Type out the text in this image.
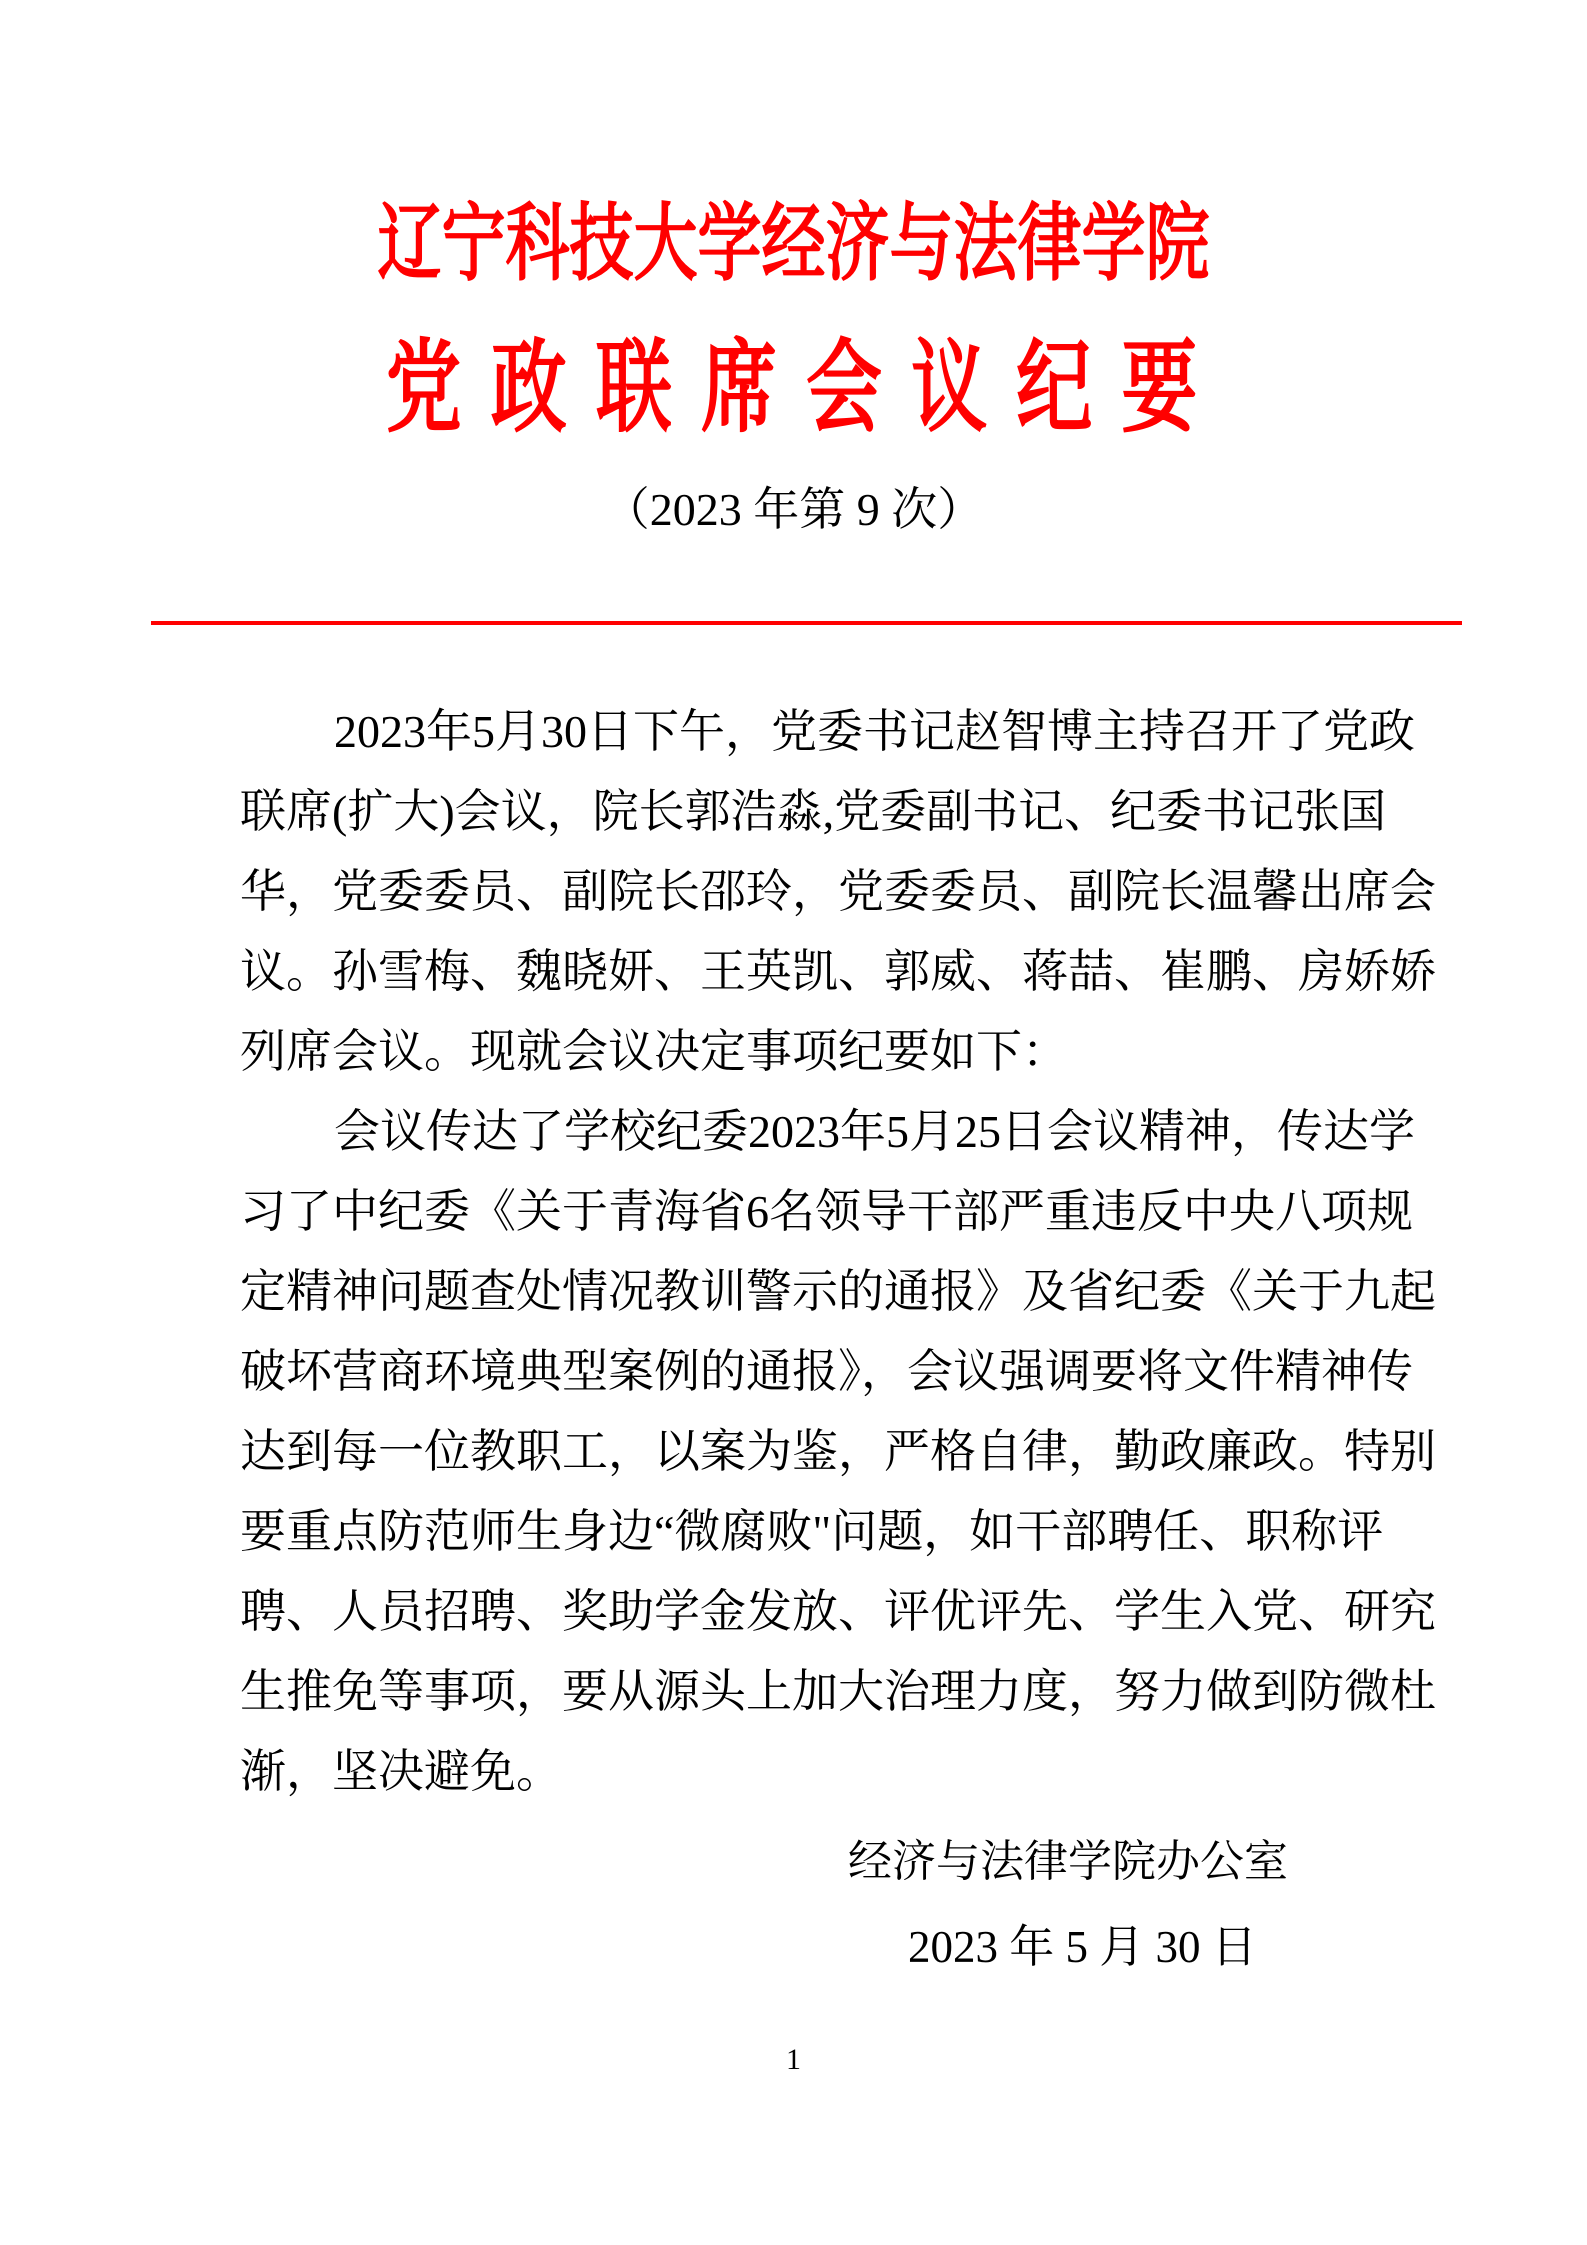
辽宁科技大学经济与法律学院
党 政 联 席 会 议 纪 要
（2023 年第 9 次）
2023年5月30日下午，党委书记赵智博主持召开了党政
联席(扩大)会议，院长郭浩淼,党委副书记、纪委书记张国
华，党委委员、副院长邵玲，党委委员、副院长温馨出席会
议。孙雪梅、魏晓妍、王英凯、郭威、蒋喆、崔鹏、房娇娇
列席会议。现就会议决定事项纪要如下：
会议传达了学校纪委2023年5月25日会议精神，传达学
习了中纪委《关于青海省6名领导干部严重违反中央八项规
定精神问题查处情况教训警示的通报》及省纪委《关于九起
破坏营商环境典型案例的通报》，会议强调要将文件精神传
达到每一位教职工，以案为鉴，严格自律，勤政廉政。特别
要重点防范师生身边“微腐败"问题，如干部聘任、职称评
聘、人员招聘、奖助学金发放、评优评先、学生入党、研究
生推免等事项，要从源头上加大治理力度，努力做到防微杜
渐，坚决避免。
经济与法律学院办公室
2023 年 5 月 30 日
1
